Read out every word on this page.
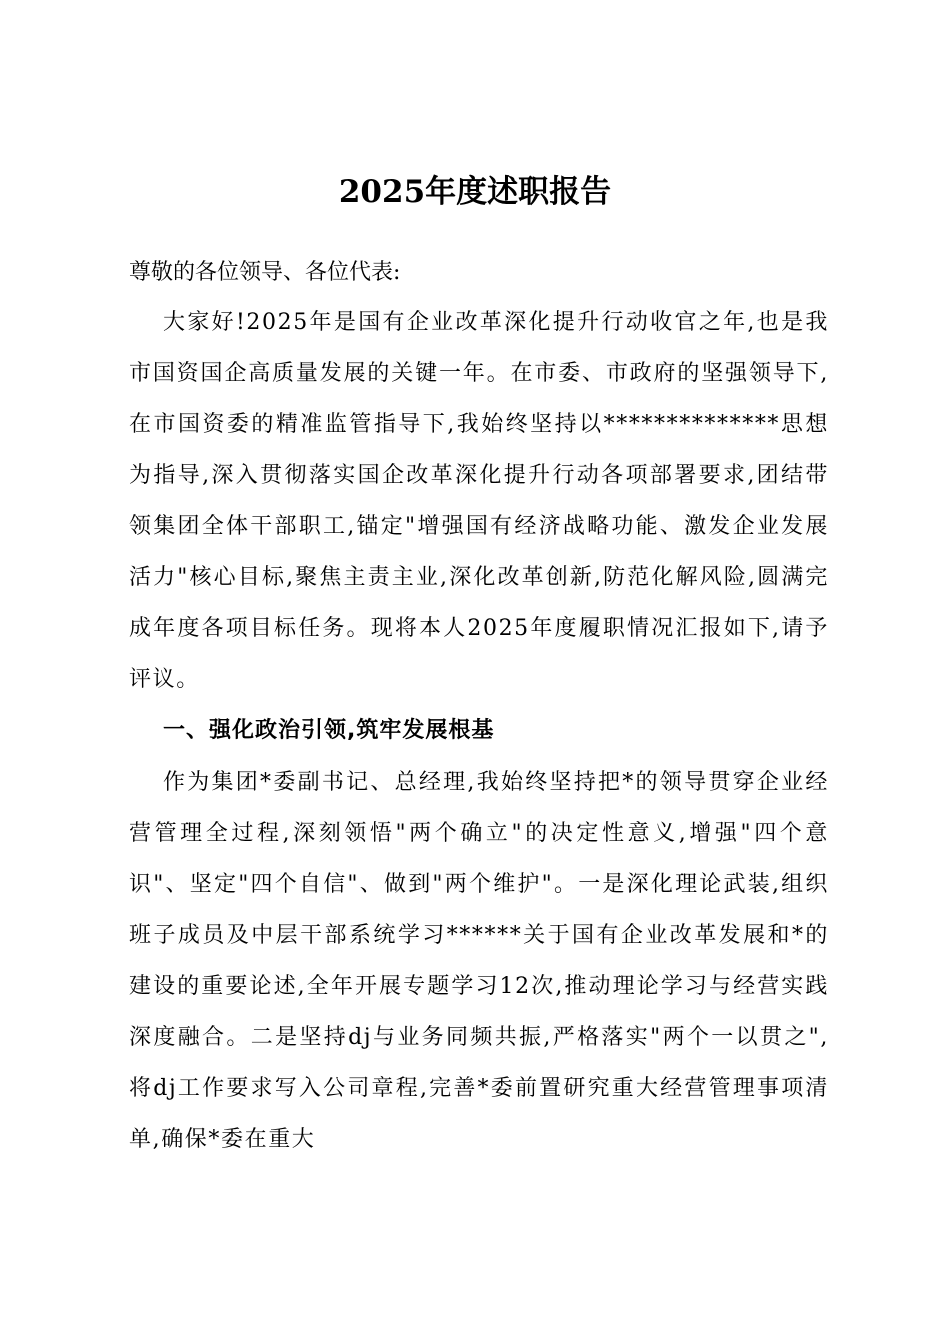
2025年度述职报告

尊敬的各位领导、各位代表:

大家好!2025年是国有企业改革深化提升行动收官之年,也是我市国资国企高质量发展的关键一年。在市委、市政府的坚强领导下,在市国资委的精准监管指导下,我始终坚持以**************思想为指导,深入贯彻落实国企改革深化提升行动各项部署要求,团结带领集团全体干部职工,锚定"增强国有经济战略功能、激发企业发展活力"核心目标,聚焦主责主业,深化改革创新,防范化解风险,圆满完成年度各项目标任务。现将本人2025年度履职情况汇报如下,请予评议。

一、强化政治引领,筑牢发展根基

作为集团*委副书记、总经理,我始终坚持把*的领导贯穿企业经营管理全过程,深刻领悟"两个确立"的决定性意义,增强"四个意识"、坚定"四个自信"、做到"两个维护"。一是深化理论武装,组织班子成员及中层干部系统学习******关于国有企业改革发展和*的建设的重要论述,全年开展专题学习12次,推动理论学习与经营实践深度融合。二是坚持dj与业务同频共振,严格落实"两个一以贯之",将dj工作要求写入公司章程,完善*委前置研究重大经营管理事项清单,确保*委在重大
